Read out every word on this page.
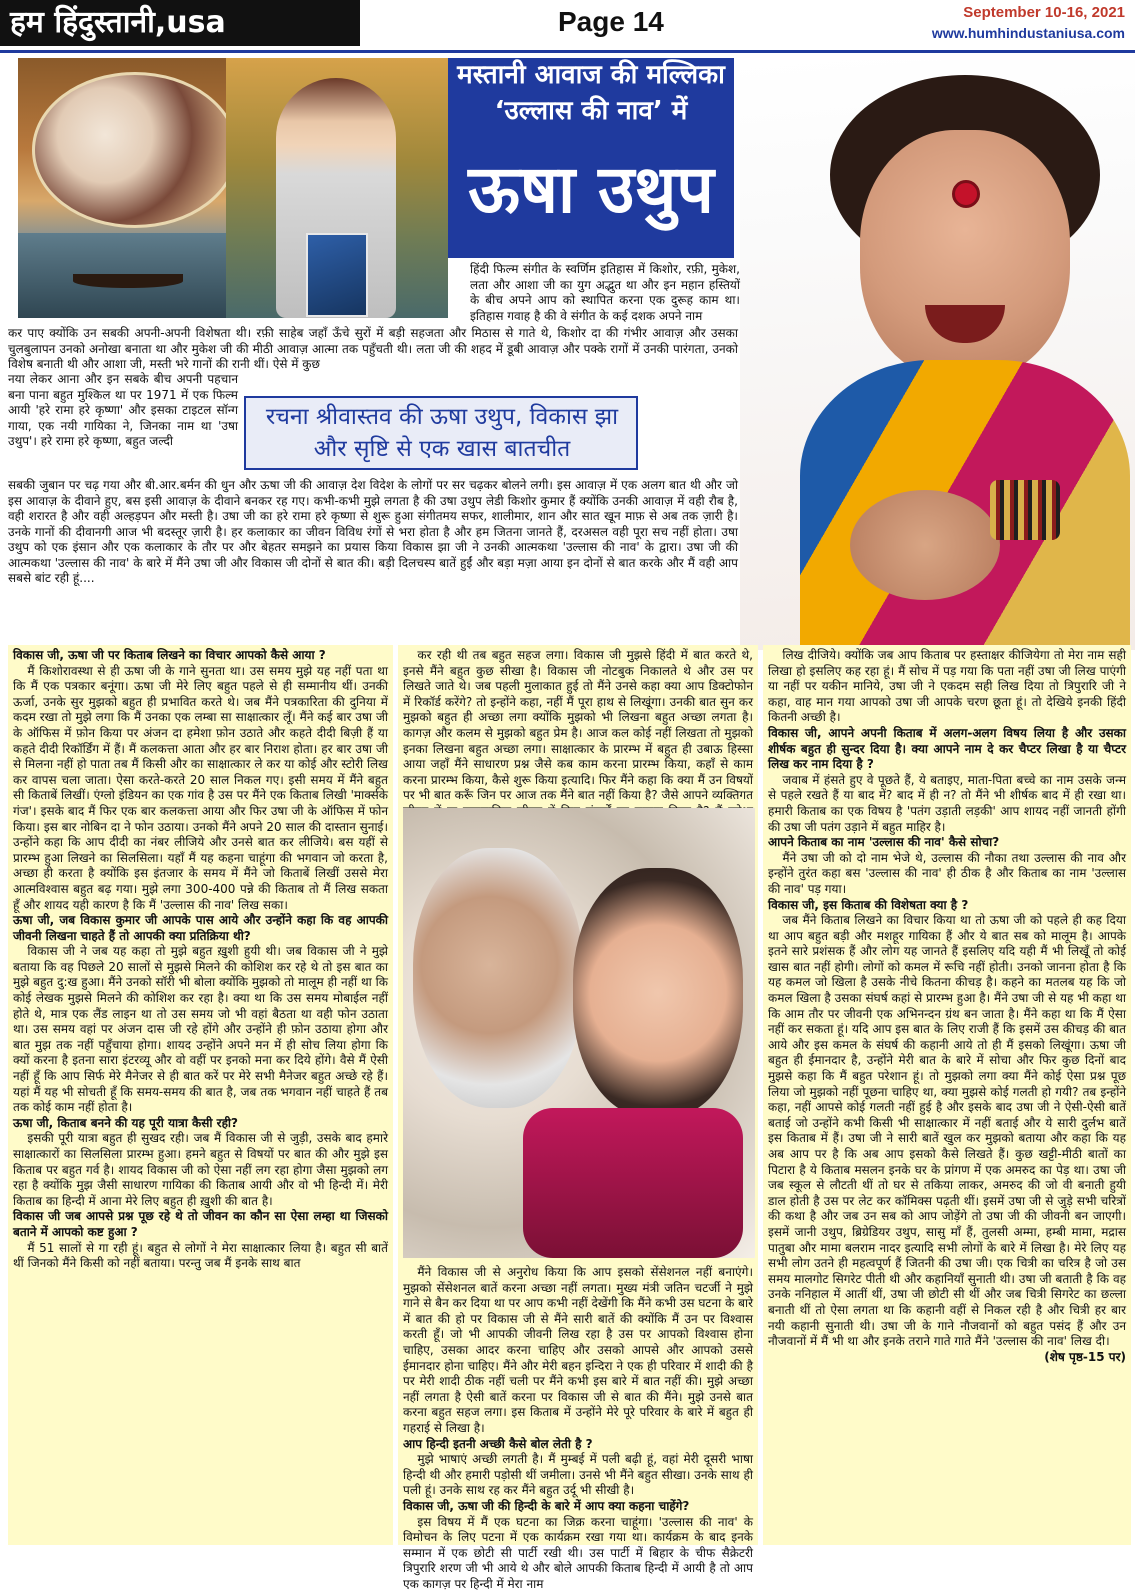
हम हिंदुस्तानी,usa	Page 14	September 10-16, 2021
www.humhindustaniusa.com
मस्तानी आवाज की मल्लिका
‘उल्लास की नाव’ में
ऊषा उथुप
हिंदी फिल्म संगीत के स्वर्णिम इतिहास में किशोर, रफ़ी, मुकेश, लता और आशा जी का युग अद्भुत था और इन महान हस्तियों के बीच अपने आप को स्थापित करना एक दुरूह काम था। इतिहास गवाह है की वे संगीत के कई दशक अपने नाम
कर पाए क्योंकि उन सबकी अपनी-अपनी विशेषता थी। रफ़ी साहेब जहाँ ऊँचे सुरों में बड़ी सहजता और मिठास से गाते थे, किशोर दा की गंभीर आवाज़ और उसका चुलबुलापन उनको अनोखा बनाता था और मुकेश जी की मीठी आवाज़ आत्मा तक पहुँचती थी। लता जी की शहद में डूबी आवाज़ और पक्के रागों में उनकी पारंगता, उनको विशेष बनाती थी और आशा जी, मस्ती भरे गानों की रानी थीं। ऐसे में कुछ
नया लेकर आना और इन सबके बीच अपनी पहचान बना पाना बहुत मुश्किल था पर 1971 में एक फिल्म आयी 'हरे रामा हरे कृष्णा' और इसका टाइटल सॉन्ग गाया, एक नयी गायिका ने, जिनका नाम था 'उषा उथुप'। हरे रामा हरे कृष्णा, बहुत जल्दी
रचना श्रीवास्तव की ऊषा उथुप, विकास झा और सृष्टि से एक खास बातचीत
सबकी जुबान पर चढ़ गया और बी.आर.बर्मन की धुन और ऊषा जी की आवाज़ देश विदेश के लोगों पर सर चढ़कर बोलने लगी। इस आवाज़ में एक अलग बात थी और जो इस आवाज़ के दीवाने हुए, बस इसी आवाज़ के दीवाने बनकर रह गए। कभी-कभी मुझे लगता है की उषा उथुप लेडी किशोर कुमार हैं क्योंकि उनकी आवाज़ में वही रौब है, वही शरारत है और वही अल्हड़पन और मस्ती है। उषा जी का हरे रामा हरे कृष्णा से शुरू हुआ संगीतमय सफर, शालीमार, शान और सात खून माफ़ से अब तक ज़ारी है। उनके गानों की दीवानगी आज भी बदस्तूर ज़ारी है। हर कलाकार का जीवन विविध रंगों से भरा होता है और हम जितना जानते हैं, दरअसल वही पूरा सच नहीं होता। उषा उथुप को एक इंसान और एक कलाकार के तौर पर और बेहतर समझने का प्रयास किया विकास झा जी ने उनकी आत्मकथा 'उल्लास की नाव' के द्वारा। उषा जी की आत्मकथा 'उल्लास की नाव' के बारे में मैंने उषा जी और विकास जी दोनों से बात की। बड़ी दिलचस्प बातें हुईं और बड़ा मज़ा आया इन दोनों से बात करके और मैं वही आप सबसे बांट रही हूं....

विकास जी, ऊषा जी पर किताब लिखने का विचार आपको कैसे आया ?

मैं किशोरावस्था से ही ऊषा जी के गाने सुनता था। उस समय मुझे यह नहीं पता था कि मैं एक पत्रकार बनूंगा। ऊषा जी मेरे लिए बहुत पहले से ही सम्मानीय थीं। उनकी ऊर्जा, उनके सुर मुझको बहुत ही प्रभावित करते थे। जब मैंने पत्रकारिता की दुनिया में कदम रखा तो मुझे लगा कि मैं उनका एक लम्बा सा साक्षात्कार लूँ। मैंने कई बार उषा जी के ऑफिस में फ़ोन किया पर अंजन दा हमेशा फ़ोन उठाते और कहते दीदी बिज़ी हैं या कहते दीदी रिकॉर्डिंग में हैं। मैं कलकत्ता आता और हर बार निराश होता। हर बार उषा जी से मिलना नहीं हो पाता तब मैं किसी और का साक्षात्कार ले कर या कोई और स्टोरी लिख कर वापस चला जाता। ऐसा करते-करते 20 साल निकल गए। इसी समय में मैंने बहुत सी किताबें लिखीं। एंग्लो इंडियन का एक गांव है उस पर मैंने एक किताब लिखी 'मार्क्सके गंज'। इसके बाद मैं फिर एक बार कलकत्ता आया और फिर उषा जी के ऑफिस में फोन किया। इस बार नोबिन दा ने फोन उठाया। उनको मैंने अपने 20 साल की दास्तान सुनाई। उन्होंने कहा कि आप दीदी का नंबर लीजिये और उनसे बात कर लीजिये। बस यहीं से प्रारम्भ हुआ लिखने का सिलसिला। यहाँ मैं यह कहना चाहूंगा की भगवान जो करता है, अच्छा ही करता है क्योंकि इस इंतजार के समय में मैंने जो किताबें लिखीं उससे मेरा आत्मविश्वास बहुत बढ़ गया। मुझे लगा 300-400 पन्ने की किताब तो मैं लिख सकता हूँ और शायद यही कारण है कि मैं 'उल्लास की नाव' लिख सका।

ऊषा जी, जब विकास कुमार जी आपके पास आये और उन्होंने कहा कि वह आपकी जीवनी लिखना चाहते हैं तो आपकी क्या प्रतिक्रिया थी?

विकास जी ने जब यह कहा तो मुझे बहुत ख़ुशी हुयी थी। जब विकास जी ने मुझे बताया कि वह पिछले 20 सालों से मुझसे मिलने की कोशिश कर रहे थे तो इस बात का मुझे बहुत दु:ख हुआ। मैंने उनको सॉरी भी बोला क्योंकि मुझको तो मालूम ही नहीं था कि कोई लेखक मुझसे मिलने की कोशिश कर रहा है। क्या था कि उस समय मोबाईल नहीं होते थे, मात्र एक लैंड लाइन था तो उस समय जो भी वहां बैठता था वही फोन उठाता था। उस समय वहां पर अंजन दास जी रहे होंगे और उन्होंने ही फ़ोन उठाया होगा और बात मुझ तक नहीं पहुँचाया होगा। शायद उन्होंने अपने मन में ही सोच लिया होगा कि क्यों करना है इतना सारा इंटरव्यू और वो वहीं पर इनको मना कर दिये होंगे। वैसे मैं ऐसी नहीं हूँ कि आप सिर्फ मेरे मैनेजर से ही बात करें पर मेरे सभी मैनेजर बहुत अच्छे रहे हैं। यहां मैं यह भी सोचती हूँ कि समय-समय की बात है, जब तक भगवान नहीं चाहते हैं तब तक कोई काम नहीं होता है।

ऊषा जी, किताब बनने की यह पूरी यात्रा कैसी रही?

इसकी पूरी यात्रा बहुत ही सुखद रही। जब मैं विकास जी से जुड़ी, उसके बाद हमारे साक्षात्कारों का सिलसिला प्रारम्भ हुआ। हमने बहुत से विषयों पर बात की और मुझे इस किताब पर बहुत गर्व है। शायद विकास जी को ऐसा नहीं लग रहा होगा जैसा मुझको लग रहा है क्योंकि मुझ जैसी साधारण गायिका की किताब आयी और वो भी हिन्दी में। मेरी किताब का हिन्दी में आना मेरे लिए बहुत ही ख़ुशी की बात है।

विकास जी जब आपसे प्रश्न पूछ रहे थे तो जीवन का कौन सा ऐसा लम्हा था जिसको बताने में आपको कष्ट हुआ ?

मैं 51 सालों से गा रही हूं। बहुत से लोगों ने मेरा साक्षात्कार लिया है। बहुत सी बातें थीं जिनको मैंने किसी को नहीं बताया। परन्तु जब मैं इनके साथ बात

कर रही थी तब बहुत सहज लगा। विकास जी मुझसे हिंदी में बात करते थे, इनसे मैंने बहुत कुछ सीखा है। विकास जी नोटबुक निकालते थे और उस पर लिखते जाते थे। जब पहली मुलाकात हुई तो मैंने उनसे कहा क्या आप डिक्टोफोन में रिकॉर्ड करेंगे? तो इन्होंने कहा, नहीं मैं पूरा हाथ से लिखूंगा। उनकी बात सुन कर मुझको बहुत ही अच्छा लगा क्योंकि मुझको भी लिखना बहुत अच्छा लगता है। कागज़ और कलम से मुझको बहुत प्रेम है। आज कल कोई नहीं लिखता तो मुझको इनका लिखना बहुत अच्छा लगा। साक्षात्कार के प्रारम्भ में बहुत ही उबाऊ हिस्सा आया जहाँ मैंने साधारण प्रश्न जैसे कब काम करना प्रारम्भ किया, कहाँ से काम करना प्रारम्भ किया, कैसे शुरू किया इत्यादि। फिर मैंने कहा कि क्या मैं उन विषयों पर भी बात करूँ जिन पर आज तक मैंने बात नहीं किया है? जैसे आपने व्यक्तिगत

मैंने विकास जी से अनुरोध किया कि आप इसको सेंसेशनल नहीं बनाएंगे। मुझको सेंसेशनल बातें करना अच्छा नहीं लगता। मुख्य मंत्री जतिन चटर्जी ने मुझे गाने से बैन कर दिया था पर आप कभी नहीं देखेंगी कि मैंने कभी उस घटना के बारे में बात की हो पर विकास जी से मैंने सारी बातें की क्योंकि मैं उन पर विश्वास करती हूँ। जो भी आपकी जीवनी लिख रहा है उस पर आपको विश्वास होना चाहिए, उसका आदर करना चाहिए और उसको आपसे और आपको उससे ईमानदार होना चाहिए। मैंने और मेरी बहन इन्दिरा ने एक ही परिवार में शादी की है पर मेरी शादी ठीक नहीं चली पर मैंने कभी इस बारे में बात नहीं की। मुझे अच्छा नहीं लगता है ऐसी बातें करना पर विकास जी से बात की मैंने। मुझे उनसे बात करना बहुत सहज लगा। इस किताब में उन्होंने मेरे पूरे परिवार के बारे में बहुत ही गहराई से लिखा है।

आप हिन्दी इतनी अच्छी कैसे बोल लेती है ?

मुझे भाषाएं अच्छी लगती है। मैं मुम्बई में पली बढ़ी हूं, वहां मेरी दूसरी भाषा हिन्दी थी और हमारी पड़ोसी थीं जमीला। उनसे भी मैंने बहुत सीखा। उनके साथ ही पली हूं। उनके साथ रह कर मैंने बहुत उर्दू भी सीखी है।

विकास जी, ऊषा जी की हिन्दी के बारे में आप क्या कहना चाहेंगे?

इस विषय में मैं एक घटना का जिक्र करना चाहूंगा। 'उल्लास की नाव' के विमोचन के लिए पटना में एक कार्यक्रम रखा गया था। कार्यक्रम के बाद इनके सम्मान में एक छोटी सी पार्टी रखी थी। उस पार्टी में बिहार के चीफ सैक्रेटरी त्रिपुरारि शरण जी भी आये थे और बोले आपकी किताब हिन्दी में आयी है तो आप एक कागज़ पर हिन्दी में मेरा नाम

लिख दीजिये। क्योंकि जब आप किताब पर हस्ताक्षर कीजियेगा तो मेरा नाम सही लिखा हो इसलिए कह रहा हूं। मैं सोच में पड़ गया कि पता नहीं उषा जी लिख पाएंगी या नहीं पर यकीन मानिये, उषा जी ने एकदम सही लिख दिया तो त्रिपुरारि जी ने कहा, वाह मान गया आपको उषा जी आपके चरण छूता हूं। तो देखिये इनकी हिंदी कितनी अच्छी है।

विकास जी, आपने अपनी किताब में अलग-अलग विषय लिया है और उसका शीर्षक बहुत ही सुन्दर दिया है। क्या आपने नाम दे कर चैप्टर लिखा है या चैप्टर लिख कर नाम दिया है ?

जवाब में हंसते हुए वे पूछते हैं, ये बताइए, माता-पिता बच्चे का नाम उसके जन्म से पहले रखते हैं या बाद में? बाद में ही न? तो मैंने भी शीर्षक बाद में ही रखा था। हमारी किताब का एक विषय है 'पतंग उड़ाती लड़की' आप शायद नहीं जानती होंगी की उषा जी पतंग उड़ाने में बहुत माहिर है।

आपने किताब का नाम 'उल्लास की नाव' कैसे सोचा?

मैंने उषा जी को दो नाम भेजे थे, उल्लास की नौका तथा उल्लास की नाव और इन्होंने तुरंत कहा बस 'उल्लास की नाव' ही ठीक है और किताब का नाम 'उल्लास की नाव' पड़ गया।

विकास जी, इस किताब की विशेषता क्या है ?

जब मैंने किताब लिखने का विचार किया था तो ऊषा जी को पहले ही कह दिया था आप बहुत बड़ी और मशहूर गायिका हैं और ये बात सब को मालूम है। आपके इतने सारे प्रशंसक हैं और लोग यह जानते हैं इसलिए यदि यही मैं भी लिखूँ तो कोई खास बात नहीं होगी। लोगों को कमल में रूचि नहीं होती। उनको जानना होता है कि यह कमल जो खिला है उसके नीचे कितना कीचड़ है। कहने का मतलब यह कि जो कमल खिला है उसका संघर्ष कहां से प्रारम्भ हुआ है। मैंने उषा जी से यह भी कहा था कि आम तौर पर जीवनी एक अभिनन्दन ग्रंथ बन जाता है। मैंने कहा था कि मैं ऐसा नहीं कर सकता हूं। यदि आप इस बात के लिए राजी हैं कि इसमें उस कीचड़ की बात आये और इस कमल के संघर्ष की कहानी आये तो ही मैं इसको लिखूंगा। ऊषा जी बहुत ही ईमानदार है, उन्होंने मेरी बात के बारे में सोचा और फिर कुछ दिनों बाद मुझसे कहा कि मैं बहुत परेशान हूं। तो मुझको लगा क्या मैंने कोई ऐसा प्रश्न पूछ लिया जो मुझको नहीं पूछना चाहिए था, क्या मुझसे कोई गलती हो गयी? तब इन्होंने कहा, नहीं आपसे कोई गलती नहीं हुई है और इसके बाद उषा जी ने ऐसी-ऐसी बातें बताई जो उन्होंने कभी किसी भी साक्षात्कार में नहीं बताई और ये सारी दुर्लभ बातें इस किताब में हैं। उषा जी ने सारी बातें खुल कर मुझको बताया और कहा कि यह अब आप पर है कि अब आप इसको कैसे लिखते हैं। कुछ खट्टी-मीठी बातों का पिटारा है ये किताब मसलन इनके घर के प्रांगण में एक अमरुद का पेड़ था। उषा जी जब स्कूल से लौटती थीं तो घर से तकिया लाकर, अमरुद की जो वी बनाती हुयी डाल होती है उस पर लेट कर कॉमिक्स पढ़ती थीं। इसमें उषा जी से जुड़े सभी चरित्रों की कथा है और जब उन सब को आप जोड़ेंगे तो उषा जी की जीवनी बन जाएगी। इसमें जानी उथुप, ब्रिग्रेडियर उथुप, सासु माँ हैं, तुलसी अम्मा, हम्बी मामा, मद्रास पातुबा और मामा बलराम नादर इत्यादि सभी लोगों के बारे में लिखा है। मेरे लिए यह सभी लोग उतने ही महत्वपूर्ण हैं जितनी की उषा जी। एक चित्री का चरित्र है जो उस समय मालगोट सिगरेट पीती थी और कहानियाँ सुनाती थी। उषा जी बताती है कि वह उनके ननिहाल में आतीं थीं, उषा जी छोटी सी थीं और जब चित्री सिगरेट का छल्ला बनाती थीं तो ऐसा लगता था कि कहानी वहीं से निकल रही है और चित्री हर बार नयी कहानी सुनाती थी। उषा जी के गाने नौजवानों को बहुत पसंद हैं और उन नौजवानों में मैं भी था और इनके तराने गाते गाते मैंने 'उल्लास की नाव' लिख दी।

(शेष पृष्ठ-15 पर)
